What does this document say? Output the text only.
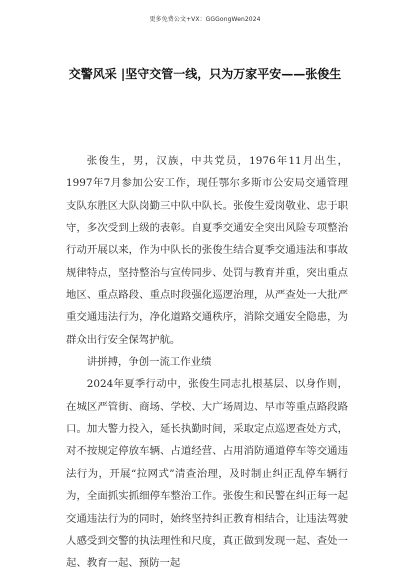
更多免费公文+VX：GGGongWen2024
交警风采 |坚守交管一线，只为万家平安——张俊生

张俊生，男，汉族，中共党员，1976年11月出生，1997年7月参加公安工作，现任鄂尔多斯市公安局交通管理支队东胜区大队岗勤三中队中队长。张俊生爱岗敬业、忠于职守，多次受到上级的表彰。自夏季交通安全突出风险专项整治行动开展以来，作为中队长的张俊生结合夏季交通违法和事故规律特点，坚持整治与宣传同步、处罚与教育并重，突出重点地区、重点路段、重点时段强化巡逻治理，从严查处一大批严重交通违法行为，净化道路交通秩序，消除交通安全隐患，为群众出行安全保驾护航。

讲拼搏，争创一流工作业绩

2024年夏季行动中，张俊生同志扎根基层、以身作则，在城区严管街、商场、学校、大广场周边、早市等重点路段路口。加大警力投入，延长执勤时间，采取定点巡逻查处方式，对不按规定停放车辆、占道经营、占用消防通道停车等交通违法行为，开展“拉网式”清查治理，及时制止纠正乱停车辆行为，全面抓实抓细停车整治工作。张俊生和民警在纠正每一起交通违法行为的同时，始终坚持纠正教育相结合，让违法驾驶人感受到交警的执法理性和尺度，真正做到发现一起、查处一起、教育一起、预防一起
